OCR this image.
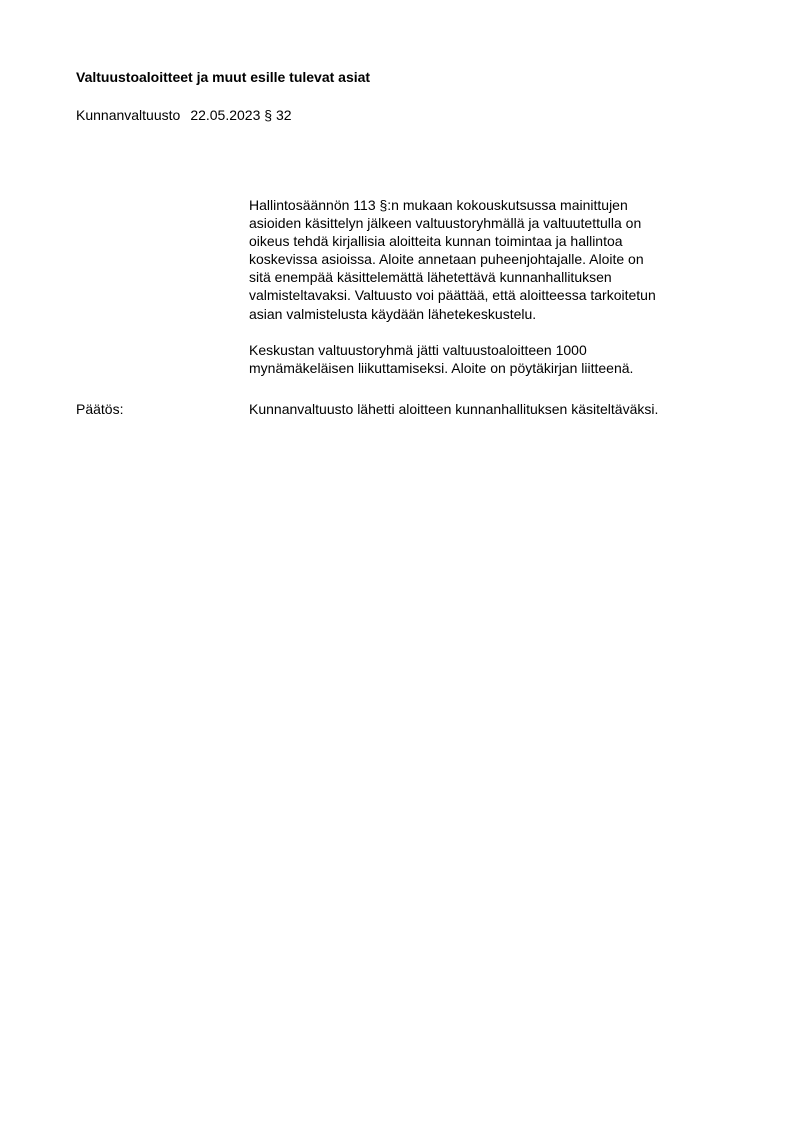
Valtuustoaloitteet ja muut esille tulevat asiat
Kunnanvaltuusto 22.05.2023 § 32

Hallintosäännön 113 §:n mukaan kokouskutsussa mainittujen
asioiden käsittelyn jälkeen valtuustoryhmällä ja valtuutettulla on
oikeus tehdä kirjallisia aloitteita kunnan toimintaa ja hallintoa
koskevissa asioissa. Aloite annetaan puheenjohtajalle. Aloite on
sitä enempää käsittelemättä lähetettävä kunnanhallituksen
valmisteltavaksi. Valtuusto voi päättää, että aloitteessa tarkoitetun
asian valmistelusta käydään lähetekeskustelu.

Keskustan valtuustoryhmä jätti valtuustoaloitteen 1000
mynämäkeläisen liikuttamiseksi. Aloite on pöytäkirjan liitteenä.

Päätös:	Kunnanvaltuusto lähetti aloitteen kunnanhallituksen käsiteltäväksi.
